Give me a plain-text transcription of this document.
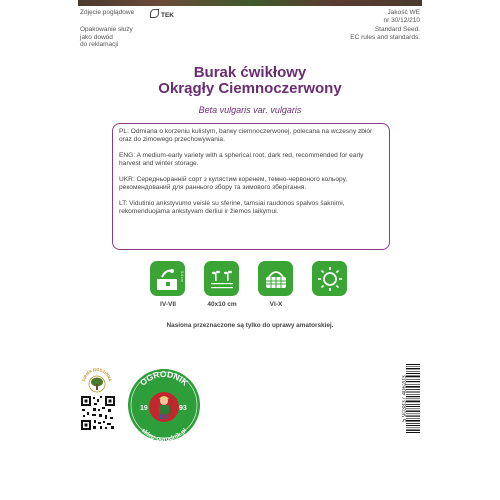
Zdjęcie poglądowe	TEK	Jakość WE
nr 30/12/210
Opakowanie służy
jako dowód
do reklamacji
Standard Seed.
EC rules and standards.
Burak ćwikłowy
Okrągły Ciemnoczerwony
Beta vulgaris var. vulgaris

PL: Odmiana o korzeniu kulistym, barwy ciemnoczerwonej, polecana na wczesny zbiór oraz do zimowego przechowywania.

ENG: A medium-early variety with a spherical root, dark red, recommended for early harvest and winter storage.

UKR: Середньоранній сорт з кулястим коренем, темно-червоного кольору, рекомендований для раннього збору та зимового зберігання.

LT: Vidutinio ankstyvumo veislė su sferine, tamsiai raudonos spalvos šaknimi, rekomenduojama ankstyvam derliui ir žiemos laikymui.

3-4 cm
IV-VII	40x10 cm	VI-X
Nasiona przeznaczone są tylko do uprawy amatorskiej.
FIRMA RODZINNA	OGRODNIK
sklep-ogrodnik.pl
19	93	5 903837 406203
